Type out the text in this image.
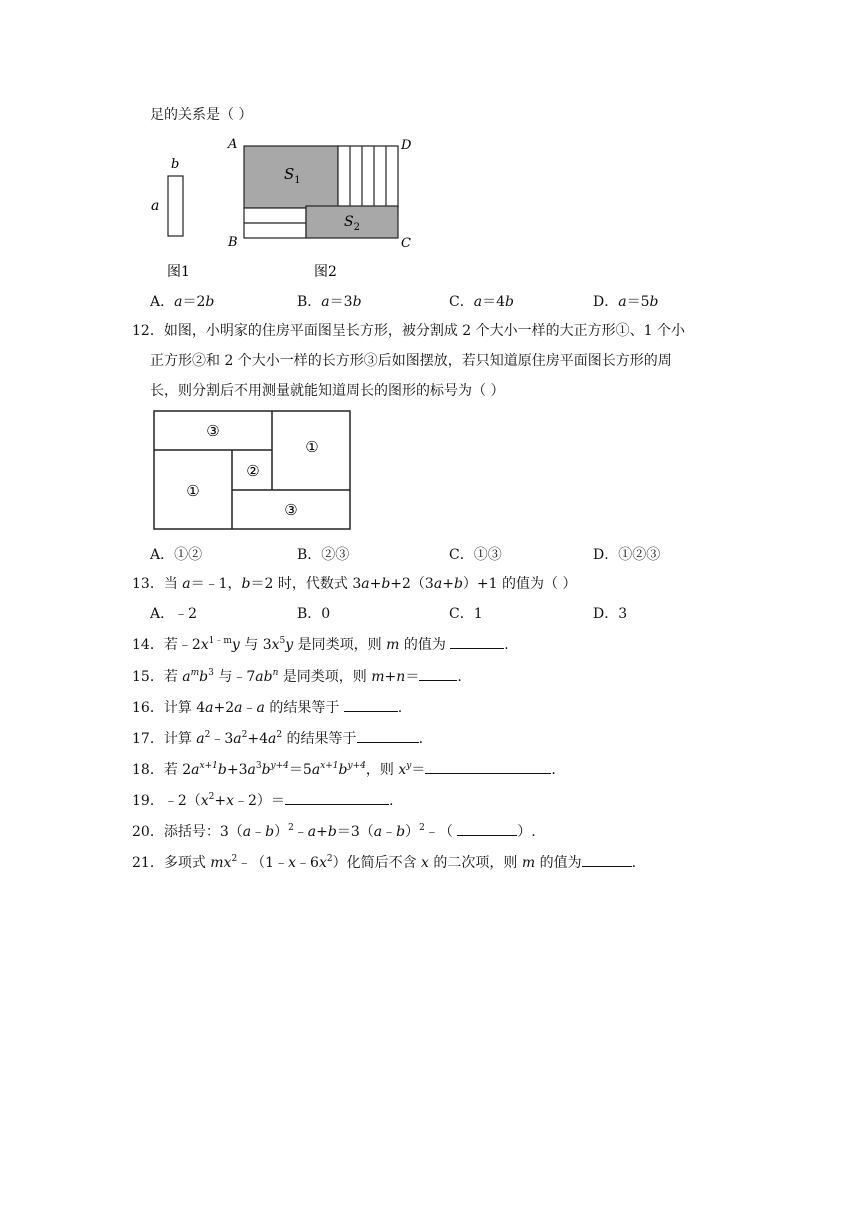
足的关系是（ ）
b
a
图1
A	D
B	C
$S_1$
$S_2$
图2
A．a＝2b	B．a＝3b	C．a＝4b	D．a＝5b
12．如图，小明家的住房平面图呈长方形，被分割成 2 个大小一样的大正方形①、1 个小
正方形②和 2 个大小一样的长方形③后如图摆放，若只知道原住房平面图长方形的周
长，则分割后不用测量就能知道周长的图形的标号为（ ）
③
①
②
①
③
A．①②	B．②③	C．①③	D．①②③
13．当 a＝﹣1，b＝2 时，代数式 3a+b+2（3a+b）+1 的值为（ ）
A．﹣2	B．0	C．1	D．3
14．若$﹣2x^{1﹣m}y$ 与 $3x^5y$ 是同类项，则 m 的值为	.
15．若 $a^mb^3$ 与$﹣7ab^n$ 是同类项，则 m+n＝	.
16．计算 4a+2a﹣a 的结果等于	.
17．计算 $a^2﹣3a^2+4a^2$ 的结果等于	.
18．若 $2a^{x+1}b+3a^3b^{y+4}=5a^{x+1}b^{y+4}$，则 $x^y=$	.
19．$﹣2(x^2+x﹣2)=$	.
20．添括号：3（a﹣b）$^2$﹣a+b＝3（a﹣b）$^2$﹣（	）.
21．多项式 $mx^2﹣(1﹣x﹣6x^2)$化简后不含 x 的二次项，则 m 的值为	.
